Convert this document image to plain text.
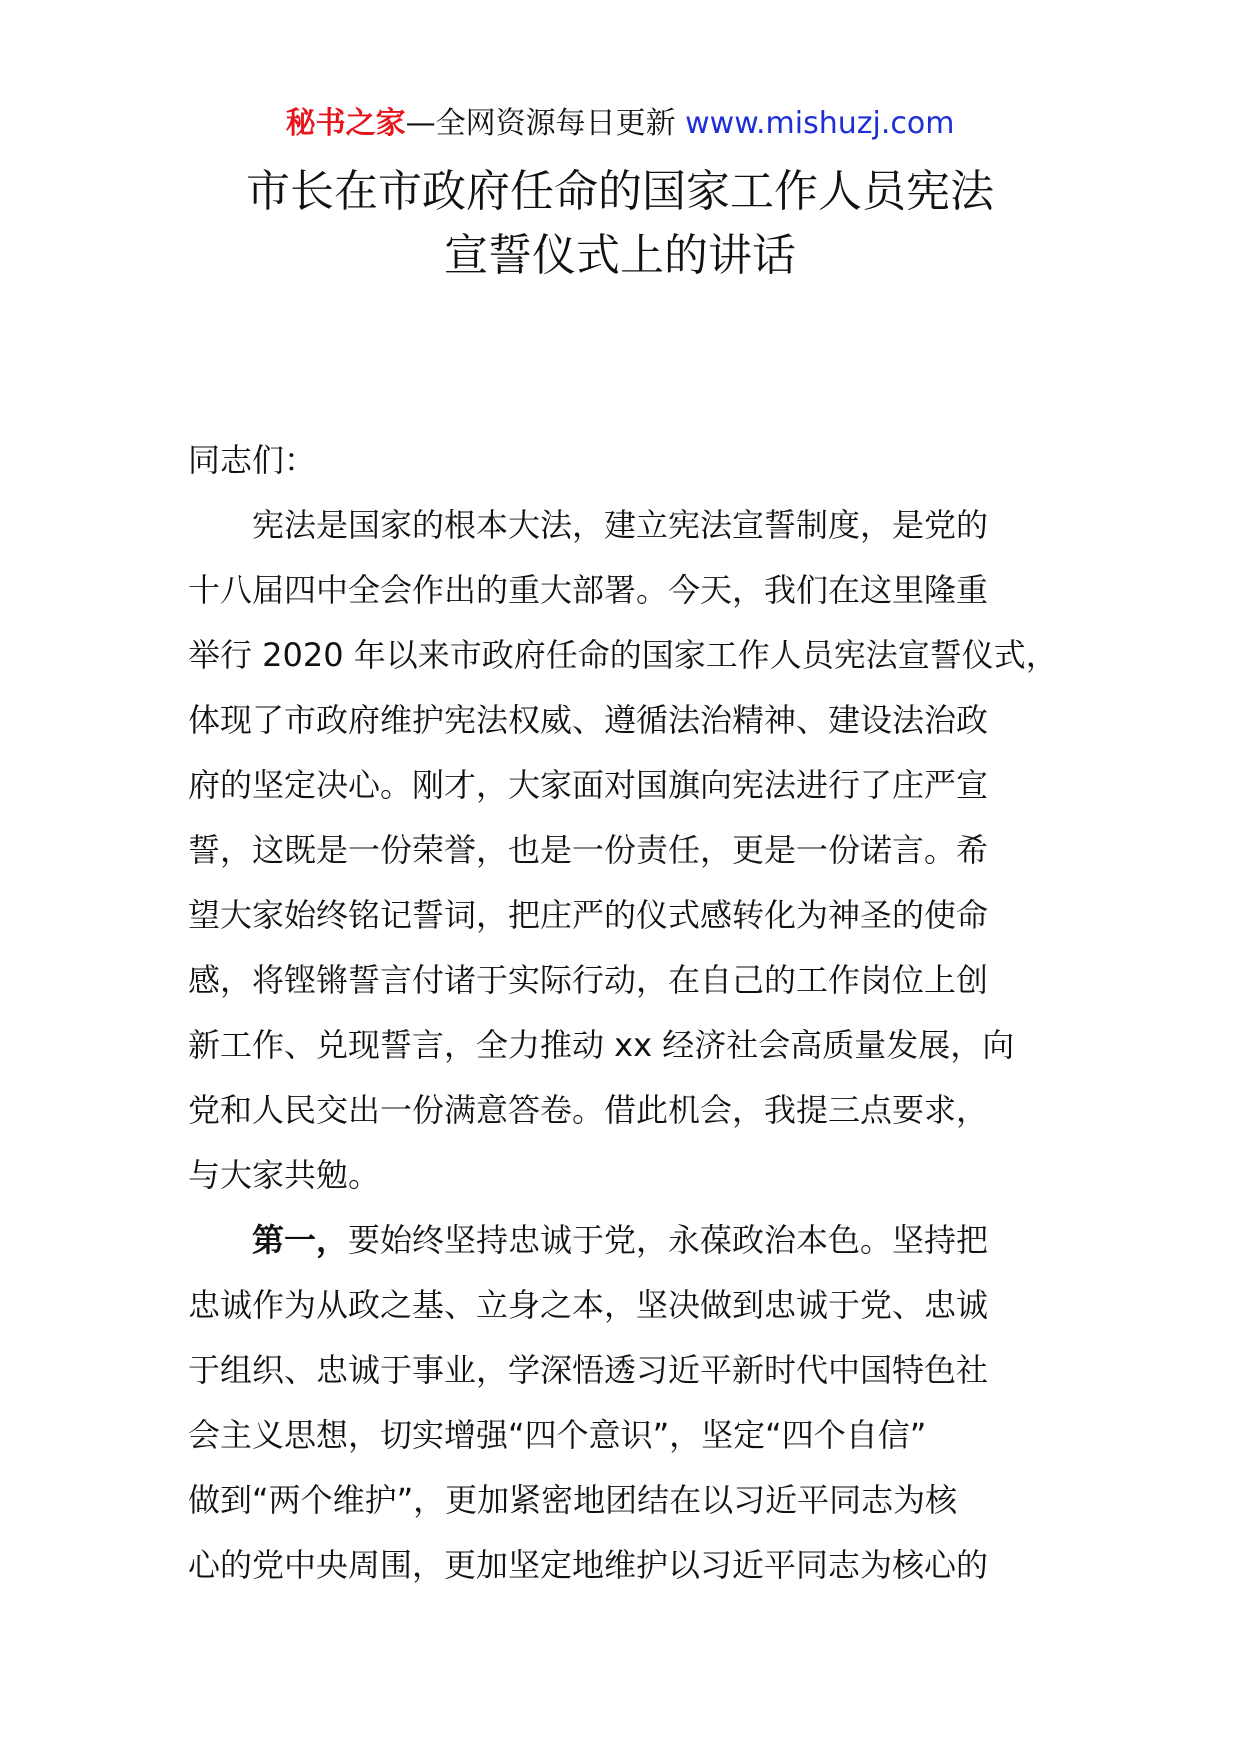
秘书之家—全网资源每日更新 www.mishuzj.com
市长在市政府任命的国家工作人员宪法
宣誓仪式上的讲话
同志们：
宪法是国家的根本大法，建立宪法宣誓制度，是党的
十八届四中全会作出的重大部署。今天，我们在这里隆重
举行 2020 年以来市政府任命的国家工作人员宪法宣誓仪式，
体现了市政府维护宪法权威、遵循法治精神、建设法治政
府的坚定决心。刚才，大家面对国旗向宪法进行了庄严宣
誓，这既是一份荣誉，也是一份责任，更是一份诺言。希
望大家始终铭记誓词，把庄严的仪式感转化为神圣的使命
感，将铿锵誓言付诸于实际行动，在自己的工作岗位上创
新工作、兑现誓言，全力推动 xx 经济社会高质量发展，向
党和人民交出一份满意答卷。借此机会，我提三点要求，
与大家共勉。
第一，要始终坚持忠诚于党，永葆政治本色。坚持把
忠诚作为从政之基、立身之本，坚决做到忠诚于党、忠诚
于组织、忠诚于事业，学深悟透习近平新时代中国特色社
会主义思想，切实增强“四个意识”，坚定“四个自信”
做到“两个维护”，更加紧密地团结在以习近平同志为核
心的党中央周围，更加坚定地维护以习近平同志为核心的
